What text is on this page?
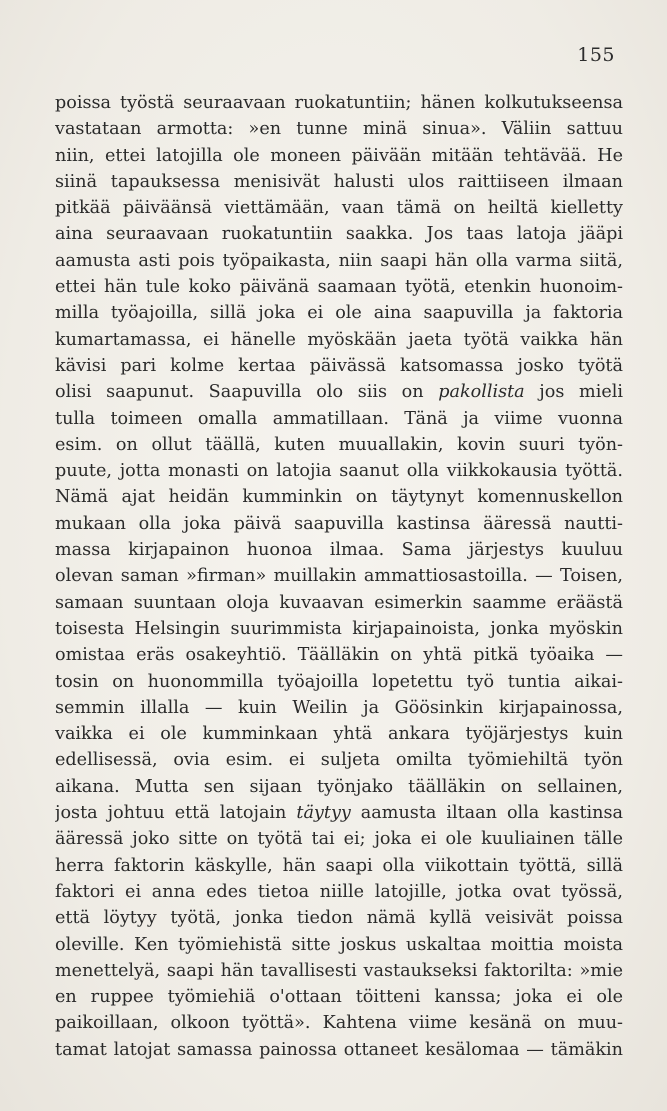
155
poissa työstä seuraavaan ruokatuntiin; hänen kolkutukseensa
vastataan armotta: »en tunne minä sinua». Väliin sattuu
niin, ettei latojilla ole moneen päivään mitään tehtävää. He
siinä tapauksessa menisivät halusti ulos raittiiseen ilmaan
pitkää päiväänsä viettämään, vaan tämä on heiltä kielletty
aina seuraavaan ruokatuntiin saakka. Jos taas latoja jääpi
aamusta asti pois työpaikasta, niin saapi hän olla varma siitä,
ettei hän tule koko päivänä saamaan työtä, etenkin huonoim-
milla työajoilla, sillä joka ei ole aina saapuvilla ja faktoria
kumartamassa, ei hänelle myöskään jaeta työtä vaikka hän
kävisi pari kolme kertaa päivässä katsomassa josko työtä
olisi saapunut. Saapuvilla olo siis on pakollista jos mieli
tulla toimeen omalla ammatillaan. Tänä ja viime vuonna
esim. on ollut täällä, kuten muuallakin, kovin suuri työn-
puute, jotta monasti on latojia saanut olla viikkokausia työttä.
Nämä ajat heidän kumminkin on täytynyt komennuskellon
mukaan olla joka päivä saapuvilla kastinsa ääressä nautti-
massa kirjapainon huonoa ilmaa. Sama järjestys kuuluu
olevan saman »firman» muillakin ammattiosastoilla. — Toisen,
samaan suuntaan oloja kuvaavan esimerkin saamme eräästä
toisesta Helsingin suurimmista kirjapainoista, jonka myöskin
omistaa eräs osakeyhtiö. Täälläkin on yhtä pitkä työaika —
tosin on huonommilla työajoilla lopetettu työ tuntia aikai-
semmin illalla — kuin Weilin ja Göösinkin kirjapainossa,
vaikka ei ole kumminkaan yhtä ankara työjärjestys kuin
edellisessä, ovia esim. ei suljeta omilta työmiehiltä työn
aikana. Mutta sen sijaan työnjako täälläkin on sellainen,
josta johtuu että latojain täytyy aamusta iltaan olla kastinsa
ääressä joko sitte on työtä tai ei; joka ei ole kuuliainen tälle
herra faktorin käskylle, hän saapi olla viikottain työttä, sillä
faktori ei anna edes tietoa niille latojille, jotka ovat työssä,
että löytyy työtä, jonka tiedon nämä kyllä veisivät poissa
oleville. Ken työmiehistä sitte joskus uskaltaa moittia moista
menettelyä, saapi hän tavallisesti vastaukseksi faktorilta: »mie
en ruppee työmiehiä o'ottaan töitteni kanssa; joka ei ole
paikoillaan, olkoon työttä». Kahtena viime kesänä on muu-
tamat latojat samassa painossa ottaneet kesälomaa — tämäkin
